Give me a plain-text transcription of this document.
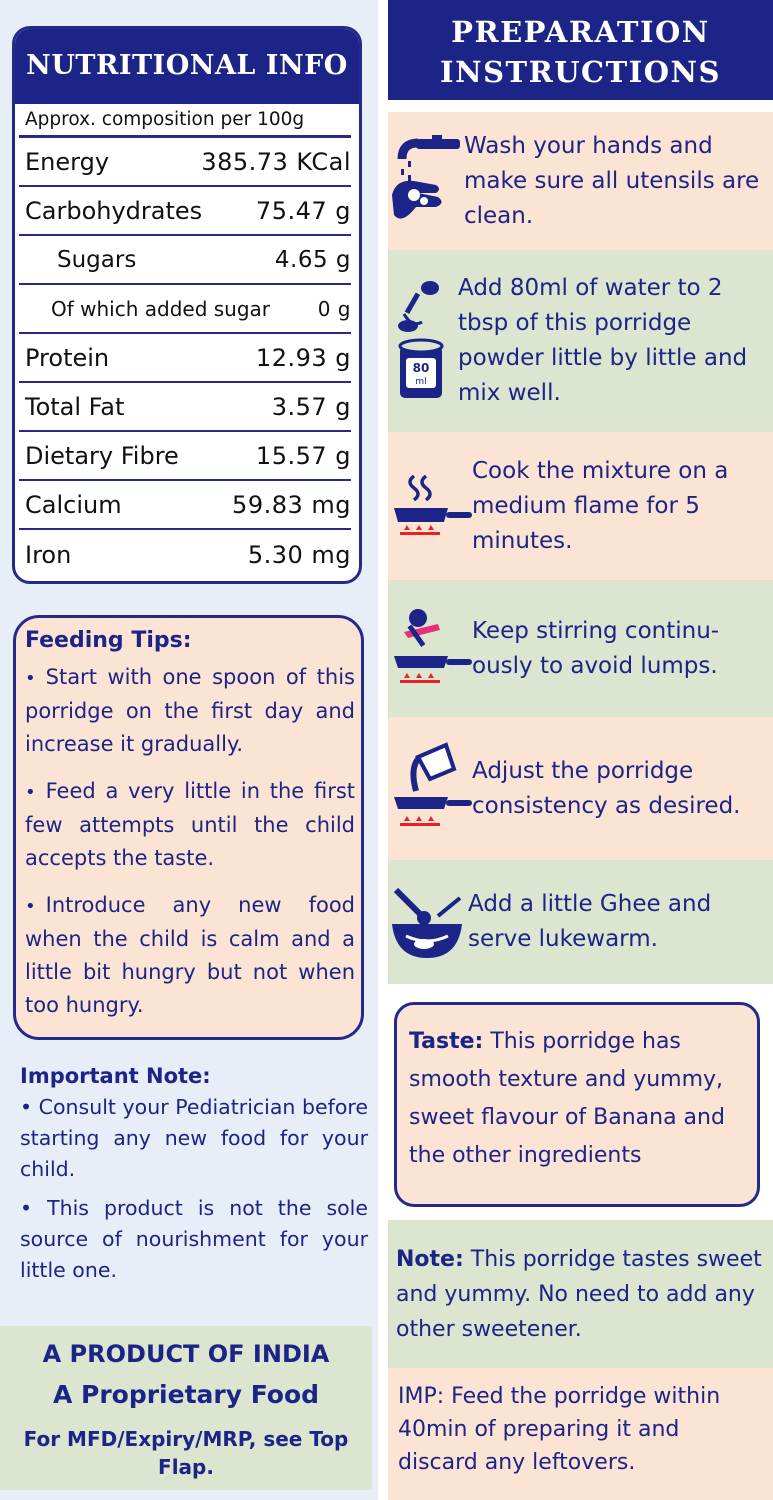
NUTRITIONAL INFO
Approx. composition per 100g
Energy	385.73 KCal
Carbohydrates 75.47 g
Sugars	4.65 g
Of which added sugar 0 g
Protein	12.93 g
Total Fat	3.57 g
Dietary Fibre	15.57 g
Calcium	59.83 mg
Iron	5.30 mg
Feeding Tips:
• Start with one spoon of this porridge on the first day and increase it gradually.
• Feed a very little in the first few attempts until the child accepts the taste.
• Introduce any new food when the child is calm and a little bit hungry but not when too hungry.
Important Note:
• Consult your Pediatrician before starting any new food for your child.
• This product is not the sole source of nourishment for your little one.
A PRODUCT OF INDIA
A Proprietary Food
For MFD/Expiry/MRP, see Top Flap.
PREPARATION
INSTRUCTIONS
Wash your hands and make sure all utensils are clean.
80
ml
Add 80ml of water to 2 tbsp of this porridge powder little by little and mix well.
Cook the mixture on a medium flame for 5 minutes.
Keep stirring continu-ously to avoid lumps.
Adjust the porridge consistency as desired.
Add a little Ghee and serve lukewarm.
Taste: This porridge has smooth texture and yummy, sweet flavour of Banana and the other ingredients
Note: This porridge tastes sweet and yummy. No need to add any other sweetener.
IMP: Feed the porridge within 40min of preparing it and discard any leftovers.
